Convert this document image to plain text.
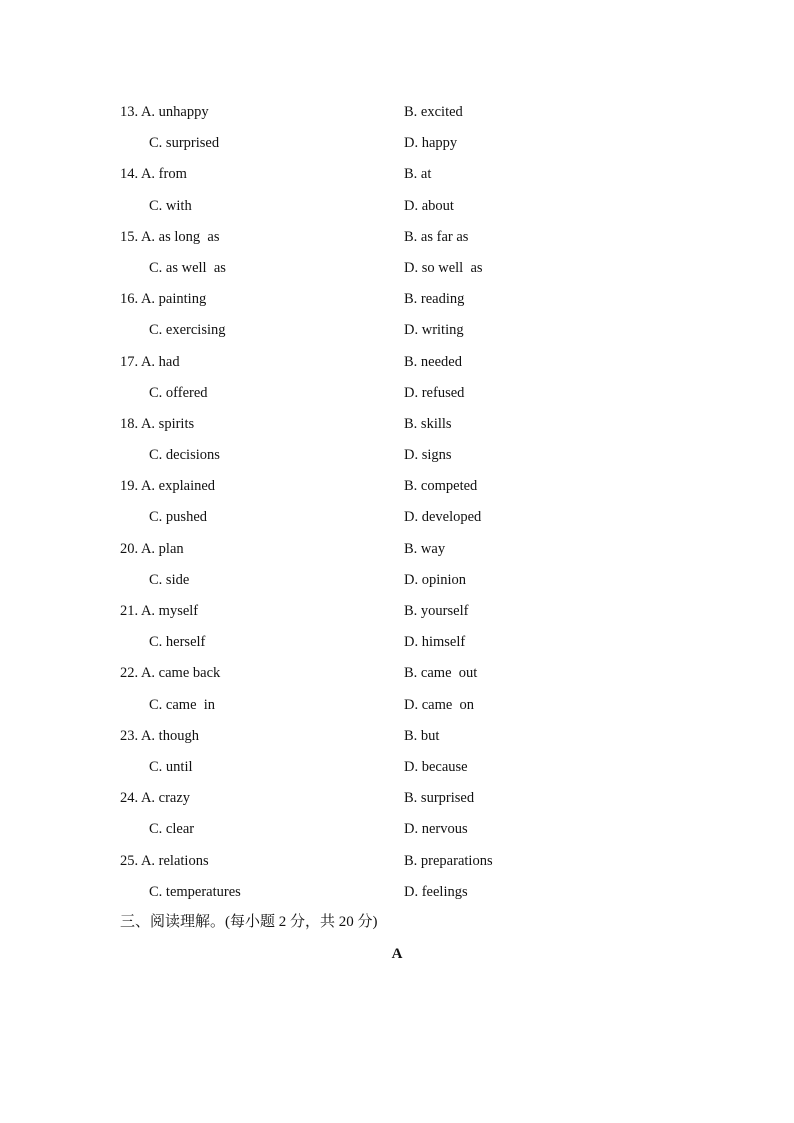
13. A. unhappy	B. excited
C. surprised	D. happy
14. A. from	B. at
C. with	D. about
15. A. as long  as	B. as far as
C. as well  as	D. so well  as
16. A. painting	B. reading
C. exercising	D. writing
17. A. had	B. needed
C. offered	D. refused
18. A. spirits	B. skills
C. decisions	D. signs
19. A. explained	B. competed
C. pushed	D. developed
20. A. plan	B. way
C. side	D. opinion
21. A. myself	B. yourself
C. herself	D. himself
22. A. came back	B. came  out
C. came  in	D. came  on
23. A. though	B. but
C. until	D. because
24. A. crazy	B. surprised
C. clear	D. nervous
25. A. relations	B. preparations
C. temperatures	D. feelings
三、阅读理解。(每小题 2 分，共 20 分)
A
